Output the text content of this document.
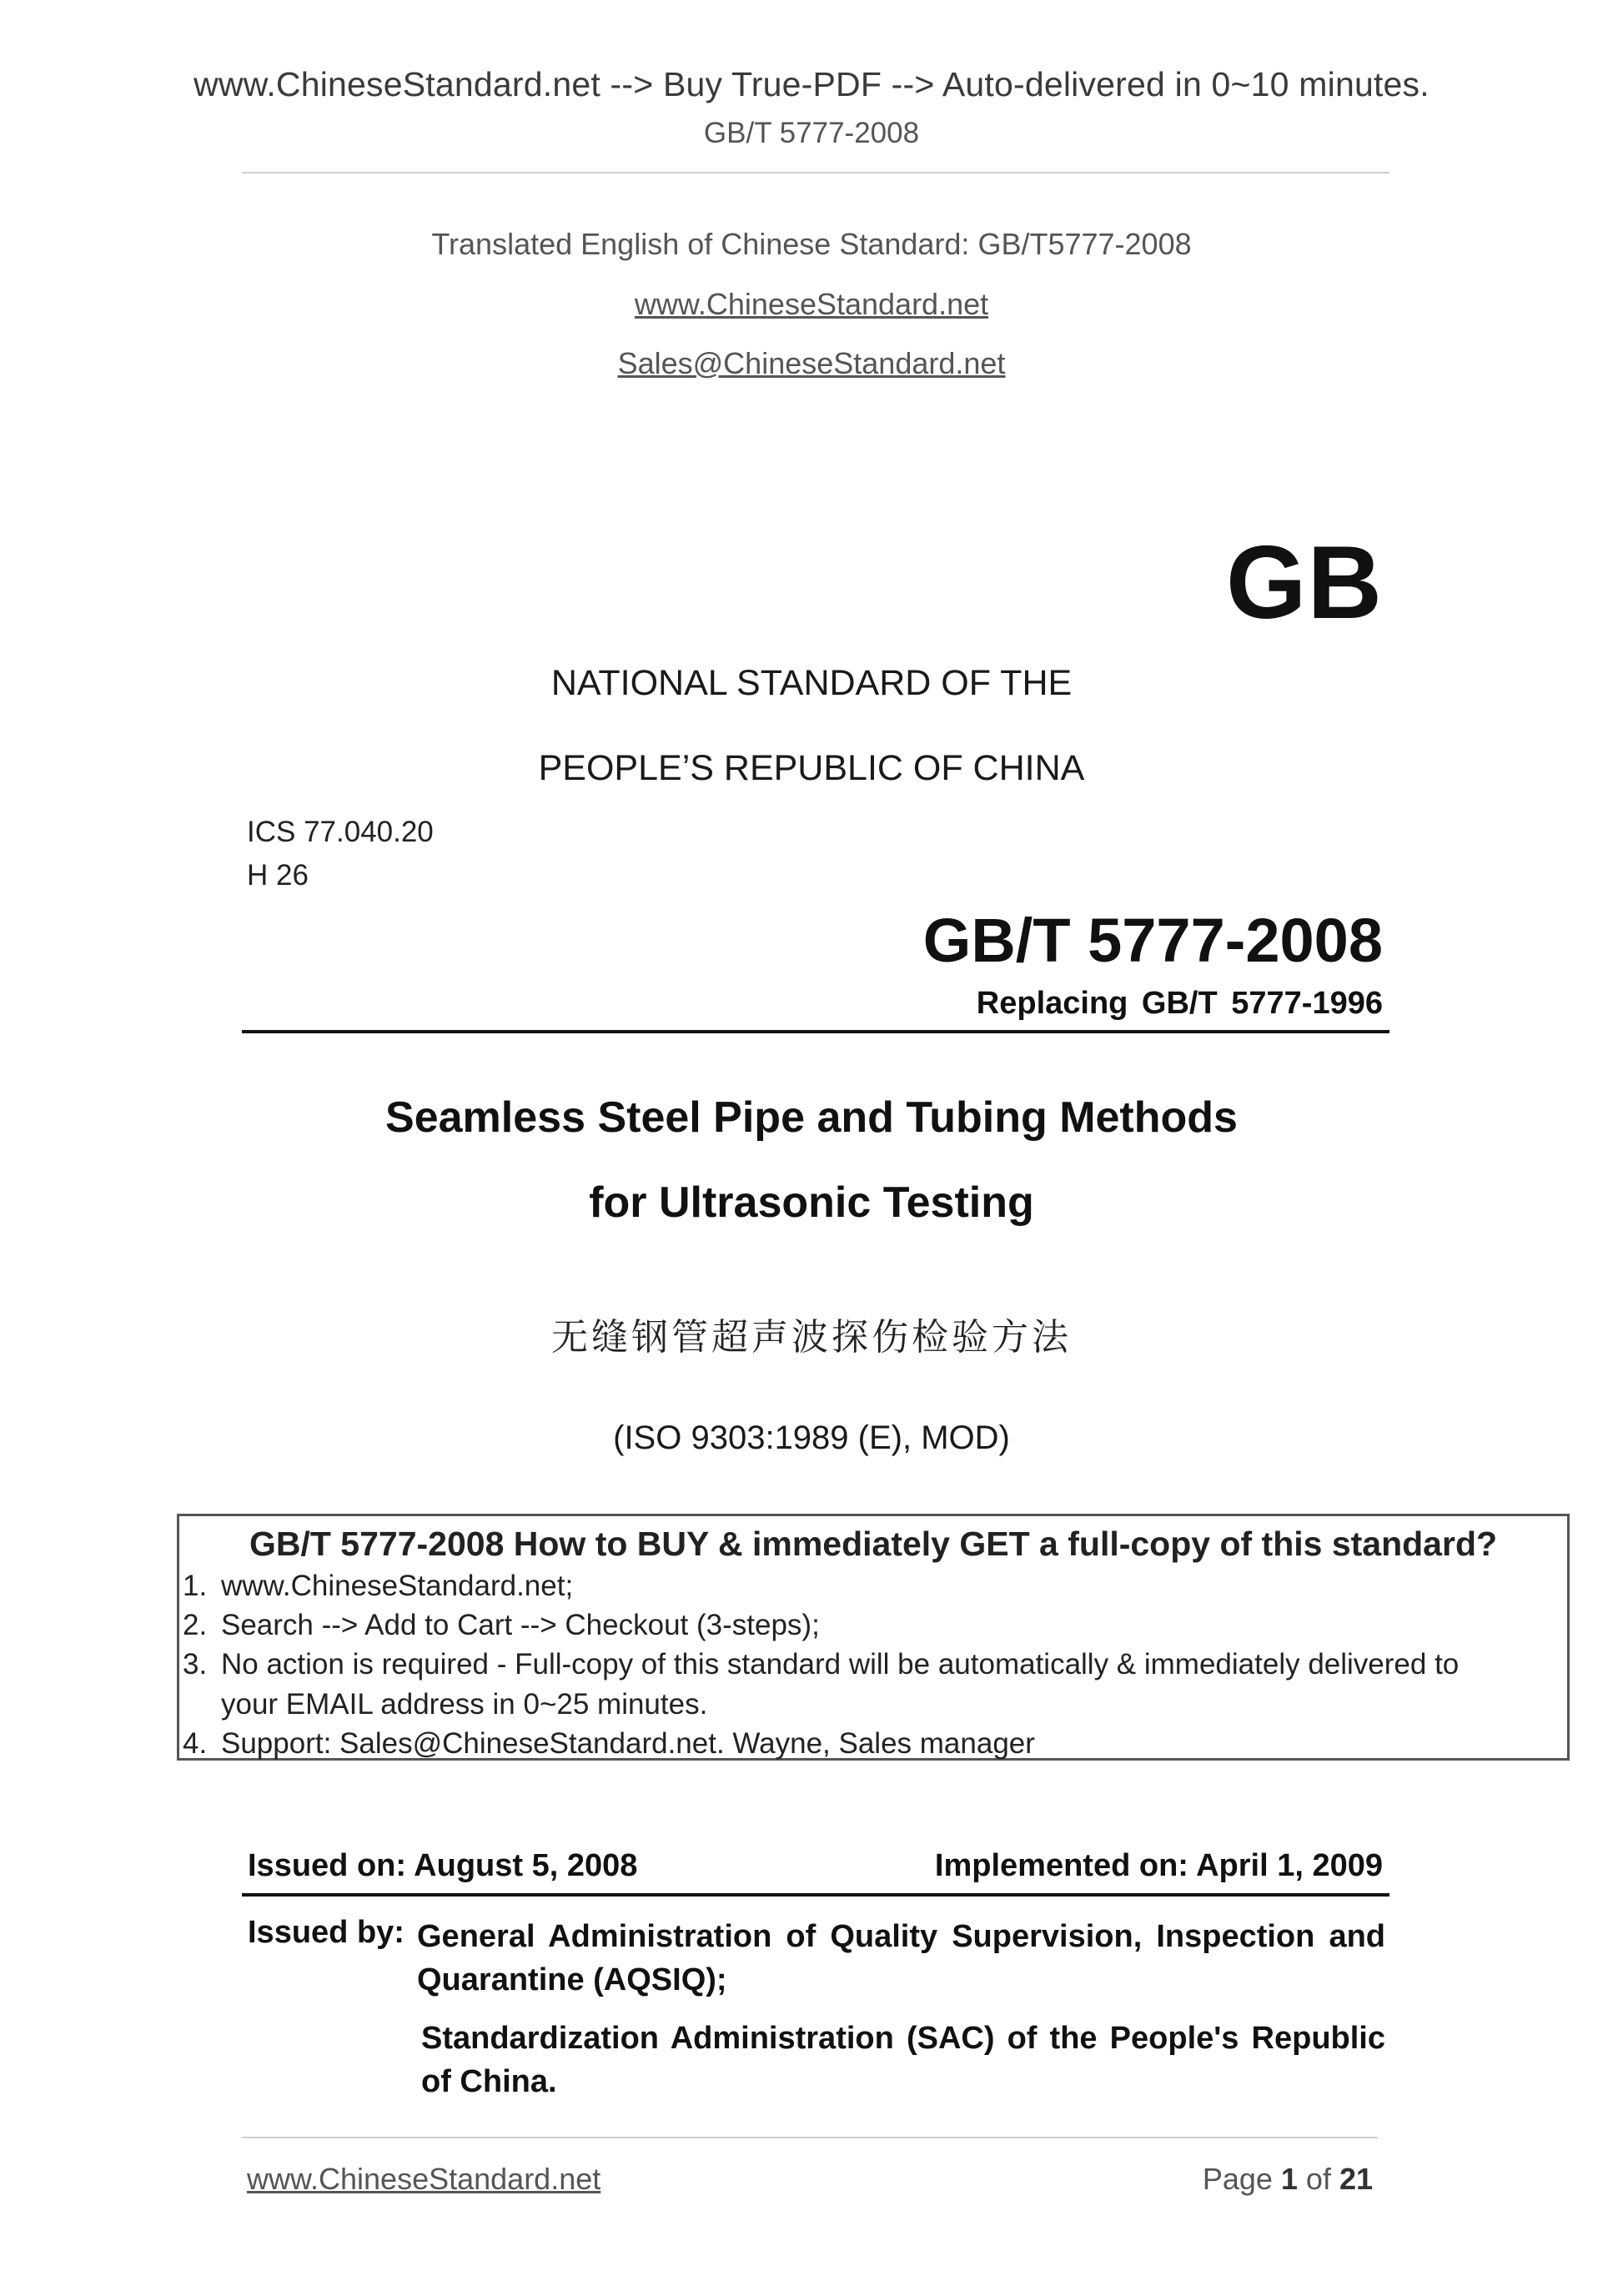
www.ChineseStandard.net --> Buy True-PDF --> Auto-delivered in 0~10 minutes.
GB/T 5777-2008
Translated English of Chinese Standard: GB/T5777-2008
www.ChineseStandard.net
Sales@ChineseStandard.net
GB
NATIONAL STANDARD OF THE
PEOPLE’S REPUBLIC OF CHINA
ICS 77.040.20
H 26
GB/T 5777-2008
Replacing GB/T 5777-1996
Seamless Steel Pipe and Tubing Methods
for Ultrasonic Testing
无缝钢管超声波探伤检验方法
(ISO 9303:1989 (E), MOD)
GB/T 5777-2008 How to BUY & immediately GET a full-copy of this standard?
1. www.ChineseStandard.net;
2. Search --> Add to Cart --> Checkout (3-steps);
3. No action is required - Full-copy of this standard will be automatically & immediately delivered to
your EMAIL address in 0~25 minutes.
4. Support: Sales@ChineseStandard.net. Wayne, Sales manager
Issued on: August 5, 2008	Implemented on: April 1, 2009
Issued by: General Administration of Quality Supervision, Inspection and Quarantine (AQSIQ);
Standardization Administration (SAC) of the People's Republic of China.
www.ChineseStandard.net	Page 1 of 21
